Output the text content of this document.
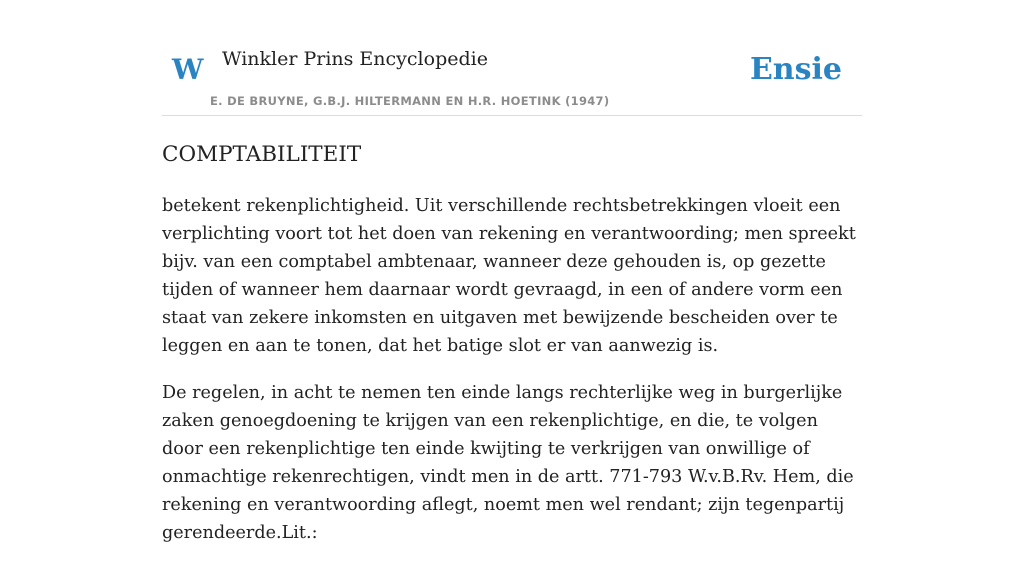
W Winkler Prins Encyclopedie
E. DE BRUYNE, G.B.J. HILTERMANN EN H.R. HOETINK (1947)
Ensie
COMPTABILITEIT

betekent rekenplichtigheid. Uit verschillende rechtsbetrekkingen vloeit een verplichting voort tot het doen van rekening en verantwoording; men spreekt bijv. van een comptabel ambtenaar, wanneer deze gehouden is, op gezette tijden of wanneer hem daarnaar wordt gevraagd, in een of andere vorm een staat van zekere inkomsten en uitgaven met bewijzende bescheiden over te leggen en aan te tonen, dat het batige slot er van aanwezig is.

De regelen, in acht te nemen ten einde langs rechterlijke weg in burgerlijke zaken genoegdoening te krijgen van een rekenplichtige, en die, te volgen door een rekenplichtige ten einde kwijting te verkrijgen van onwillige of onmachtige rekenrechtigen, vindt men in de artt. 771-793 W.v.B.Rv. Hem, die rekening en verantwoording aflegt, noemt men wel rendant; zijn tegenpartij gerendeerde.Lit.:
